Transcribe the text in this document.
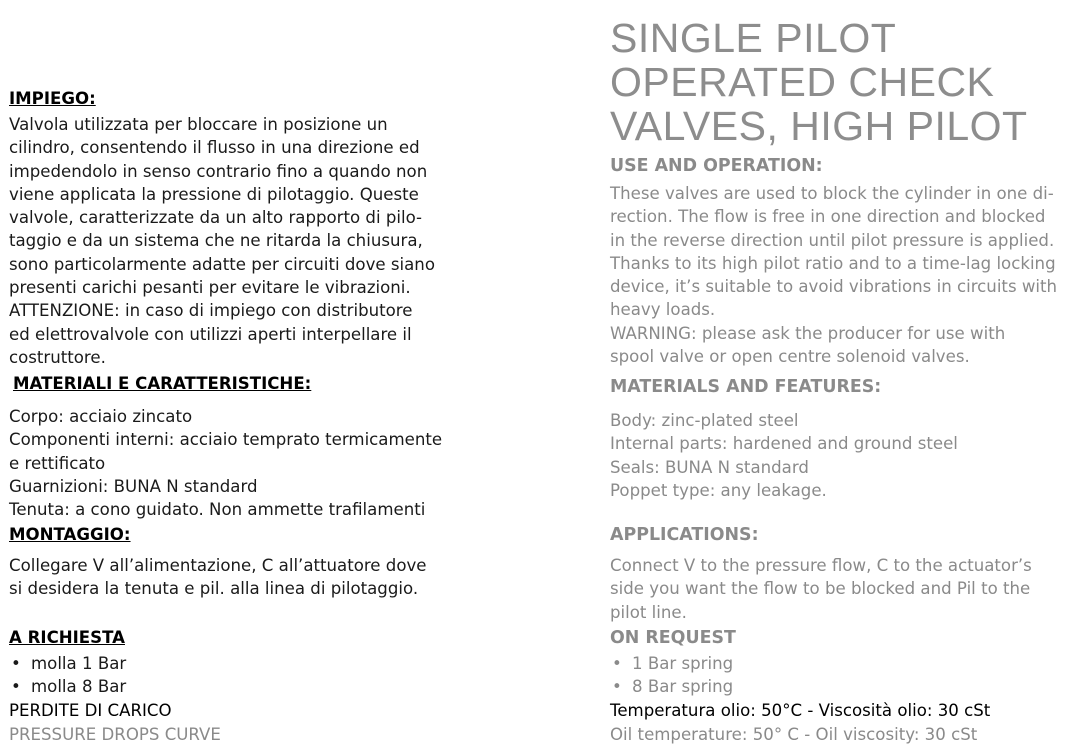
IMPIEGO:
Valvola utilizzata per bloccare in posizione un
cilindro, consentendo il flusso in una direzione ed
impedendolo in senso contrario fino a quando non
viene applicata la pressione di pilotaggio. Queste
valvole, caratterizzate da un alto rapporto di pilo-
taggio e da un sistema che ne ritarda la chiusura,
sono particolarmente adatte per circuiti dove siano
presenti carichi pesanti per evitare le vibrazioni.
ATTENZIONE: in caso di impiego con distributore
ed elettrovalvole con utilizzi aperti interpellare il
costruttore.
MATERIALI E CARATTERISTICHE:
Corpo: acciaio zincato
Componenti interni: acciaio temprato termicamente
e rettificato
Guarnizioni: BUNA N standard
Tenuta: a cono guidato. Non ammette trafilamenti
MONTAGGIO:
Collegare V all’alimentazione, C all’attuatore dove
si desidera la tenuta e pil. alla linea di pilotaggio.
A RICHIESTA
• molla 1 Bar
• molla 8 Bar
PERDITE DI CARICO
PRESSURE DROPS CURVE
SINGLE PILOT
OPERATED CHECK
VALVES, HIGH PILOT
USE AND OPERATION:
These valves are used to block the cylinder in one di-
rection. The flow is free in one direction and blocked
in the reverse direction until pilot pressure is applied.
Thanks to its high pilot ratio and to a time-lag locking
device, it’s suitable to avoid vibrations in circuits with
heavy loads.
WARNING: please ask the producer for use with
spool valve or open centre solenoid valves.
MATERIALS AND FEATURES:
Body: zinc-plated steel
Internal parts: hardened and ground steel
Seals: BUNA N standard
Poppet type: any leakage.
APPLICATIONS:
Connect V to the pressure flow, C to the actuator’s
side you want the flow to be blocked and Pil to the
pilot line.
ON REQUEST
• 1 Bar spring
• 8 Bar spring
Temperatura olio: 50°C - Viscosità olio: 30 cSt
Oil temperature: 50° C - Oil viscosity: 30 cSt
